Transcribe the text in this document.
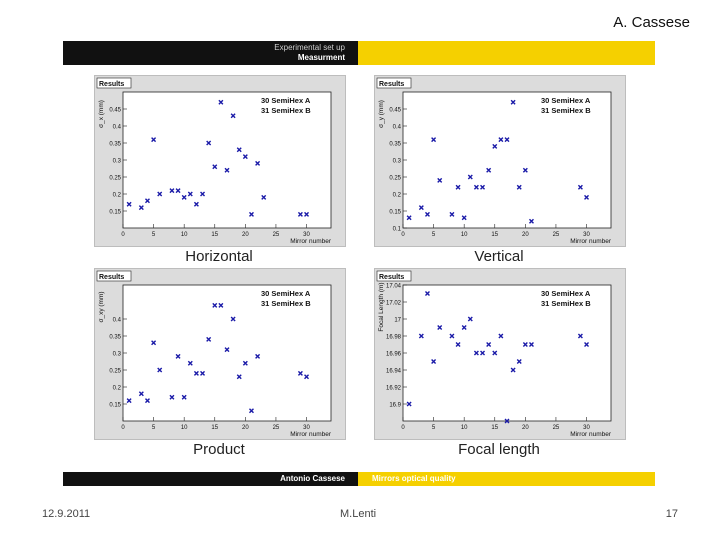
A. Cassese
Experimental set up
Measurment
Results
30 SemiHex A
31 SemiHex B
0.15
0.2
0.25
0.3
0.35
0.4
0.45
0	5	10	15	20	25	30
Mirror number
σ_x (mm)
Horizontal
Results
30 SemiHex A
31 SemiHex B
0.1
0.15
0.2
0.25
0.3
0.35
0.4
0.45
0	5	10	15	20	25	30
Mirror number
σ_y (mm)
Vertical
Results
30 SemiHex A
31 SemiHex B
0.15
0.2
0.25
0.3
0.35
0.4
0	5	10	15	20	25	30
Mirror number
σ_xy (mm)
Product
Results
30 SemiHex A
31 SemiHex B
16.9
16.92
16.94
16.96
16.98
17
17.02
17.04
0	5	10	15	20	25	30
Mirror number
Focal Length (m)
Focal length
Antonio Cassese	Mirrors optical quality
12.9.2011	M.Lenti	17
